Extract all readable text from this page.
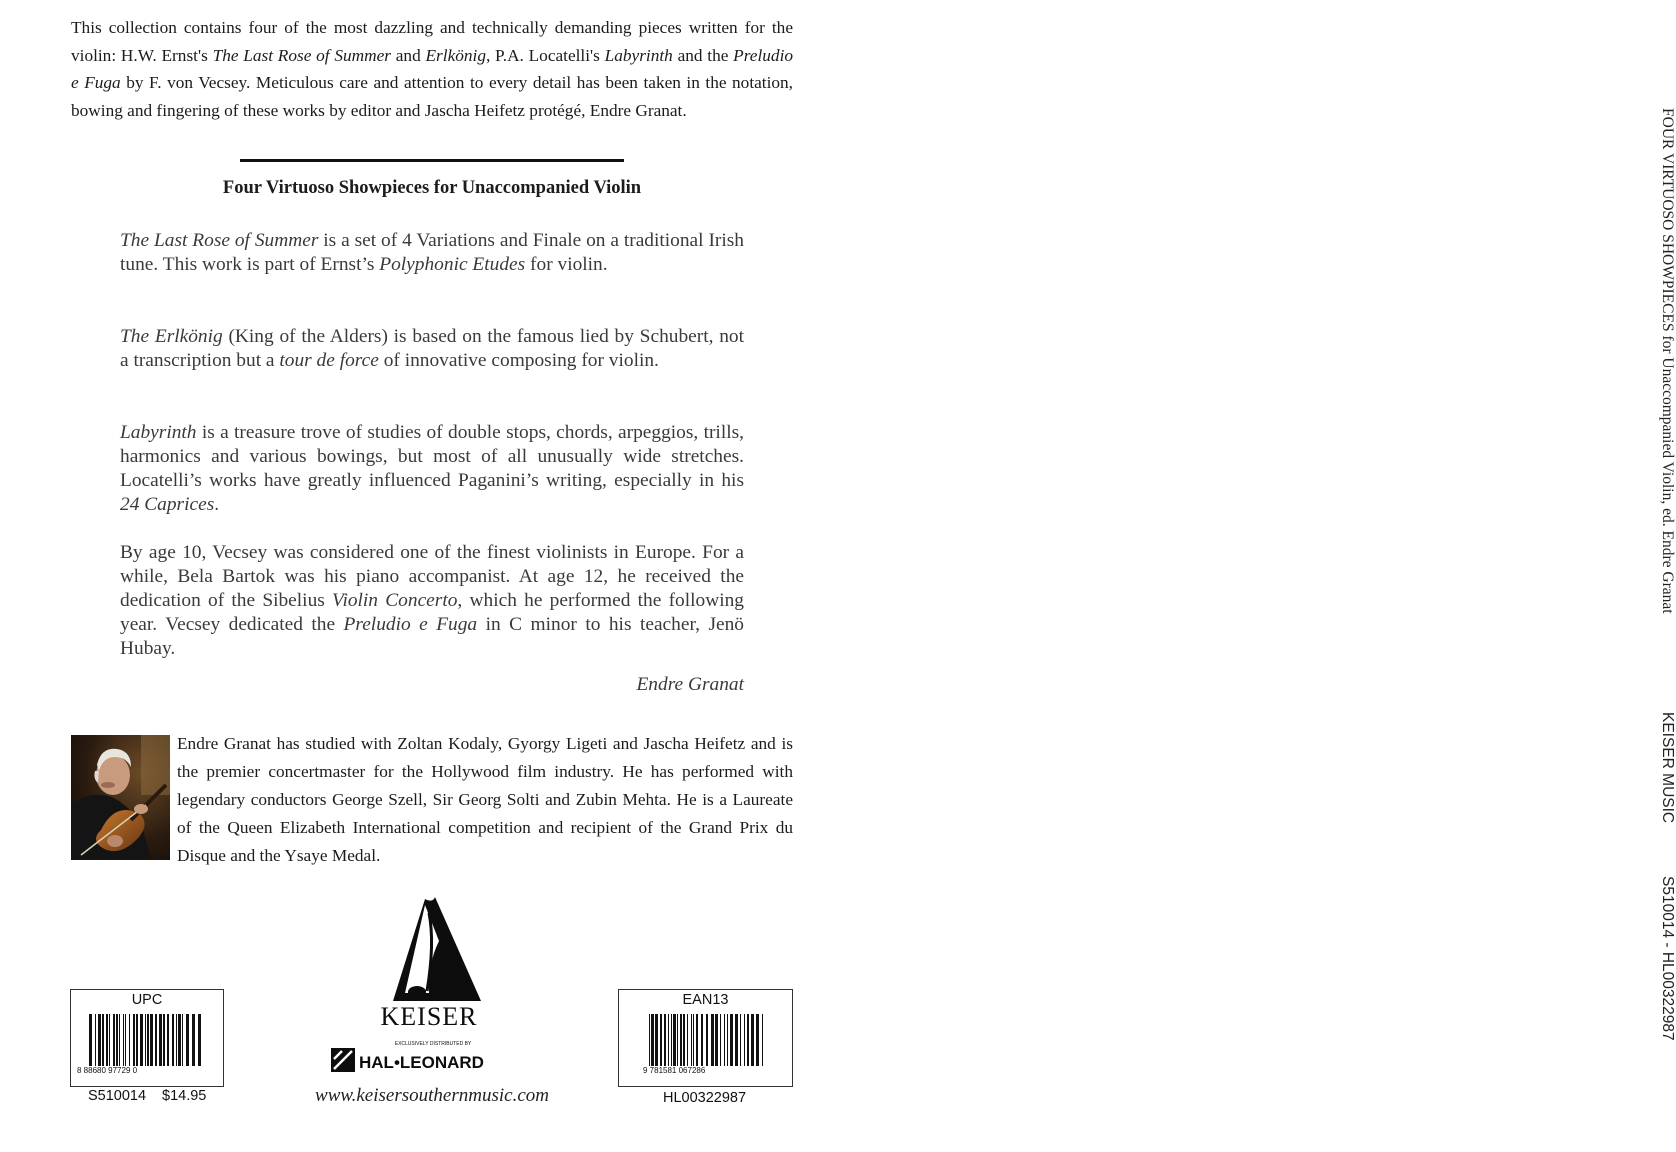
This collection contains four of the most dazzling and technically demanding pieces written for the violin: H.W. Ernst's The Last Rose of Summer and Erlkönig, P.A. Locatelli's Labyrinth and the Preludio e Fuga by F. von Vecsey. Meticulous care and attention to every detail has been taken in the notation, bowing and fingering of these works by editor and Jascha Heifetz protégé, Endre Granat.

Four Virtuoso Showpieces for Unaccompanied Violin

The Last Rose of Summer is a set of 4 Variations and Finale on a traditional Irish tune. This work is part of Ernst’s Polyphonic Etudes for violin.

The Erlkönig (King of the Alders) is based on the famous lied by Schubert, not a transcription but a tour de force of innovative composing for violin.

Labyrinth is a treasure trove of studies of double stops, chords, arpeggios, trills, harmonics and various bowings, but most of all unusually wide stretches. Locatelli’s works have greatly influenced Paganini’s writing, especially in his 24 Caprices.

By age 10, Vecsey was considered one of the finest violinists in Europe. For a while, Bela Bartok was his piano accompanist. At age 12, he received the dedication of the Sibelius Violin Concerto, which he performed the following year. Vecsey dedicated the Preludio e Fuga in C minor to his teacher, Jenö Hubay.

Endre Granat

Endre Granat has studied with Zoltan Kodaly, Gyorgy Ligeti and Jascha Heifetz and is the premier concertmaster for the Hollywood film industry. He has performed with legendary conductors George Szell, Sir Georg Solti and Zubin Mehta. He is a Laureate of the Queen Elizabeth International competition and recipient of the Grand Prix du Disque and the Ysaye Medal.

FOUR VIRTUOSO SHOWPIECES for Unaccompanied Violin, ed. Endre Granat
KEISER MUSIC
S510014 - HL00322987
UPC
8 88680 97729 0
S510014 $14.95
EAN13
9 781581 067286
HL00322987
KEISER
EXCLUSIVELY DISTRIBUTED BY
HAL•LEONARD
www.keisersouthernmusic.com
